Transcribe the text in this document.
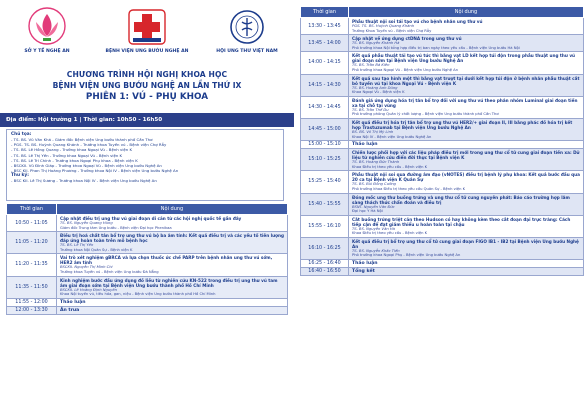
SỞ Y TẾ NGHỆ AN	BỆNH VIỆN UNG BƯỚU NGHỆ AN	HỘI UNG THƯ VIỆT NAM
CHƯƠNG TRÌNH HỘI NGHỊ KHOA HỌC
BỆNH VIỆN UNG BƯỚU NGHỆ AN LẦN THỨ IX
PHIÊN 1: VÚ - PHỤ KHOA
Địa điểm: Hội trường 1 | Thời gian: 10h50 - 16h50
Chủ tọa:
- TS. BS. Vũ Văn Khá - Giám đốc Bệnh viện Ung bướu thành phố Cần Thơ
- PGS. TS. BS. Huỳnh Quang Khánh - Trưởng khoa Tuyến vú - Bệnh viện Chợ Rẫy
- TS. BS. Lê Hồng Quang - Trưởng khoa Ngoại Vú - Bệnh viện K
- TS. BS. Lê Thị Yến - Trưởng khoa Ngoại Vú - Bệnh viện K
- TS. BS. Lê Trí Chính - Trưởng khoa Ngoại Phụ khoa - Bệnh viện K
- BSCKII. Vũ Đình Giáp - Trưởng khoa Ngoại Vú - Bệnh viện Ung bướu Nghệ An
- BSC KII. Phan Thị Hoàng Phương - Trưởng khoa Nội IV - Bệnh viện Ung bướu Nghệ An
Thư ký:
- BSC KII. Lê Thị Sương - Trưởng khoa Nội IV - Bệnh viện Ung bướu Nghệ An
Thời gian	Nội dung
10:50 - 11:05	Cập nhật điều trị ung thư vú giai đoạn di căn từ các hội nghị quốc tế gần đây
TS. BS. Nguyễn Quang Hùng
Giám đốc Trung tâm Ung bướu - Bệnh viện Đại học Phenikaa

11:05 - 11:20	Điều trị hoá chất tân bổ trợ ung thư vú bộ ba âm tính: Kết quả điều trị và các yếu tố tiên lượng đáp ứng hoàn toàn trên mô bệnh học
TS. BS. Lê Thị Yến
Trưởng khoa Nội Quân Sự - Bệnh viện K

11:20 - 11:35	Vai trò xét nghiệm gBRCA và lựa chọn thuốc ức chế PARP trên bệnh nhân ung thư vú sớm, HER2 âm tính
BSCKII. Nguyễn Thị Minh Chi
Trưởng khoa Tuyến vú - Bệnh viện Ung bướu Đà Nẵng

11:35 - 11:50	Kinh nghiệm bước đầu ứng dụng đồ liều từ nghiên cứu KN-522 trong điều trị ung thư vú tam âm giai đoạn sớm tại Bệnh viện Ung bướu thành phố Hồ Chí Minh
BSCKII. Lê Hoàng Định Nguyên
Khoa Nội tuyến vú, tiêu hóa, gan, niệu - Bệnh viện Ung bướu thành phố Hồ Chí Minh

11:55 - 12:00	Thảo luận

12:00 - 13:30	Ăn trưa
Thời gian	Nội dung
13:30 - 13:45	Phẫu thuật nội soi tái tạo vú cho bệnh nhân ung thư vú
PGS. TS. BS. Huỳnh Quang Khánh
Trưởng Khoa Tuyến vú - Bệnh viện Chợ Rẫy

13:45 - 14:00	Cập nhật về ứng dụng ctDNA trong ung thư vú
TS. BS. Nguyễn Khánh Hà
Phó trưởng khoa Nội tổng hợp điều trị ban ngày theo yêu cầu - Bệnh viện Ung bướu Hà Nội

14:00 - 14:15	Kết quả phẫu thuật tái tạo vú tức thì bằng vạt LD kết hợp túi độn trong phẫu thuật ung thư vú giai đoạn sớm tại Bệnh viện Ung bướu Nghệ An
TS. BS. Trần Bá Kiên
Phó trưởng khoa Ngoại Vú - Bệnh viện Ung bướu Nghệ An

14:15 - 14:30	Kết quả sau tạo hình một thì bằng vạt trượt tại dưới kết hợp túi độn ở bệnh nhân phẫu thuật cắt bỏ tuyến vú tại khoa Ngoại Vú - Bệnh viện K
TS. BS. Hoàng Anh Dũng
Khoa Ngoại Vú - Bệnh viện K

14:30 - 14:45	Đánh giá ứng dụng hóa trị tân bổ trợ đối với ung thư vú theo phân nhóm Luminal giai đoạn tiến xa tại chỗ tại vùng
TS. BS. Trần Thế Du
Phó trưởng phòng Quản lý chất lượng - Bệnh viện Ung bướu thành phố Cần Thơ

14:45 - 15:00	Kết quả điều trị hóa trị tân bổ trợ ung thư vú HER2/+ giai đoạn II, III bằng phác đồ hóa trị kết hợp Trastuzumab tại Bệnh viện Ung bướu Nghệ An
BS. BS. Võ Thị Mỹ Linh
Khoa Nội IV - Bệnh viện Ung bướu Nghệ An

15:00 - 15:10	Thảo luận

15:10 - 15:25	Chiến lược phối hợp với các liệu pháp điều trị mới trong ung thư cổ tử cung giai đoạn tiến xa: Dữ liệu từ nghiên cứu điển đời thực tại Bệnh viện K
TS. BS. Hoàng Đức Thành
Khoa Điều trị theo yêu cầu - Bệnh viện K

15:25 - 15:40	Phẫu thuật nội soi qua đường âm đạo (vNOTES) điều trị bệnh lý phụ khoa: Kết quả bước đầu qua 20 ca tại Bệnh viện K Quân Sự
TS. BS. Bùi Đông Cường
Phó trưởng khoa Điều trị theo yêu cầu Quân Sự - Bệnh viện K

15:40 - 15:55	Đóng mốc ung thư buồng trứng và ung thư cổ tử cung nguyên phát: Báo cáo trường hợp lâm sàng thách thức chẩn đoán và điều trị
BSNT. Nguyễn Văn Đức
Đại học Y Hà Nội

15:55 - 16:10	Cắt buồng trứng triệt căn theo Hudson có hay không kèm theo cắt đoạn đại trực tràng: Cách tiếp cận để đạt giảm thiểu u hoàn toàn tại chậu
TS. BS. Nguyễn Văn Hà
Khoa Điều trị theo yêu cầu - Bệnh viện K

16:10 - 16:25	Kết quả điều trị bổ trợ ung thư cổ tử cung giai đoạn FIGO IB1 - IB2 tại Bệnh viện Ung bướu Nghệ An
TS. BS. Nguyễn Khắc Tiến
Phó trưởng khoa Ngoại Phụ - Bệnh viện Ung bướu Nghệ An

16:25 - 16:40	Thảo luận

16:40 - 16:50	Tổng kết
